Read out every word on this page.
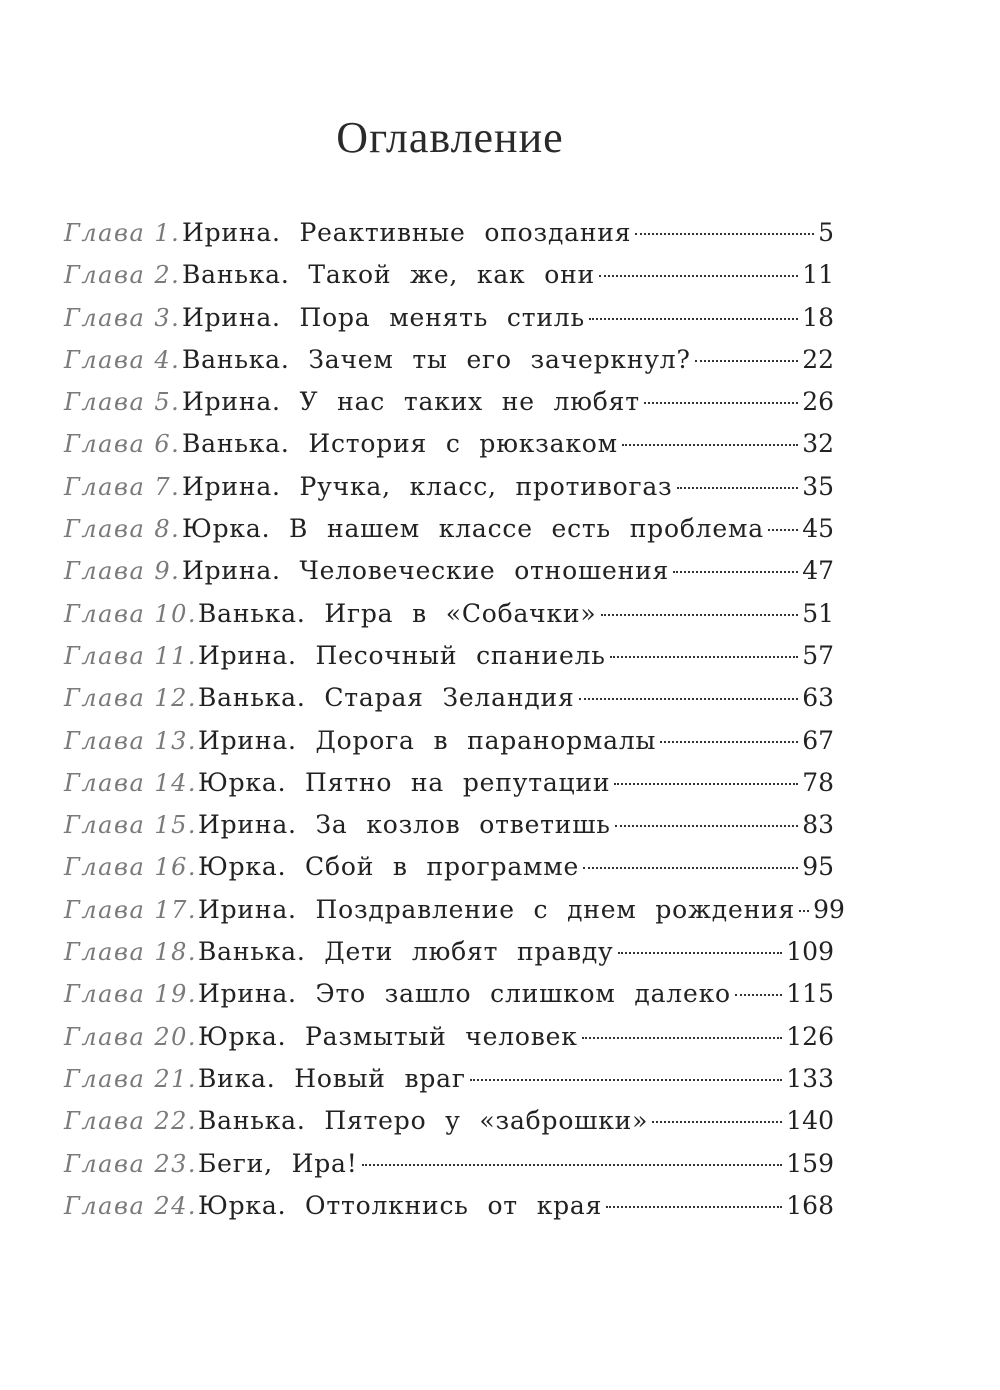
Оглавление
Глава 1. Ирина. Реактивные опоздания	5
Глава 2. Ванька. Такой же, как они	11
Глава 3. Ирина. Пора менять стиль	18
Глава 4. Ванька. Зачем ты его зачеркнул?	22
Глава 5. Ирина. У нас таких не любят	26
Глава 6. Ванька. История с рюкзаком	32
Глава 7. Ирина. Ручка, класс, противогаз	35
Глава 8. Юрка. В нашем классе есть проблема 45
Глава 9. Ирина. Человеческие отношения	47
Глава 10. Ванька. Игра в «Собачки»	51
Глава 11. Ирина. Песочный спаниель	57
Глава 12. Ванька. Старая Зеландия	63
Глава 13. Ирина. Дорога в паранормалы	67
Глава 14. Юрка. Пятно на репутации	78
Глава 15. Ирина. За козлов ответишь	83
Глава 16. Юрка. Сбой в программе	95
Глава 17. Ирина. Поздравление с днем рождения 99
Глава 18. Ванька. Дети любят правду	109
Глава 19. Ирина. Это зашло слишком далеко 115
Глава 20. Юрка. Размытый человек	126
Глава 21. Вика. Новый враг	133
Глава 22. Ванька. Пятеро у «заброшки»	140
Глава 23. Беги, Ира!	159
Глава 24. Юрка. Оттолкнись от края	168
